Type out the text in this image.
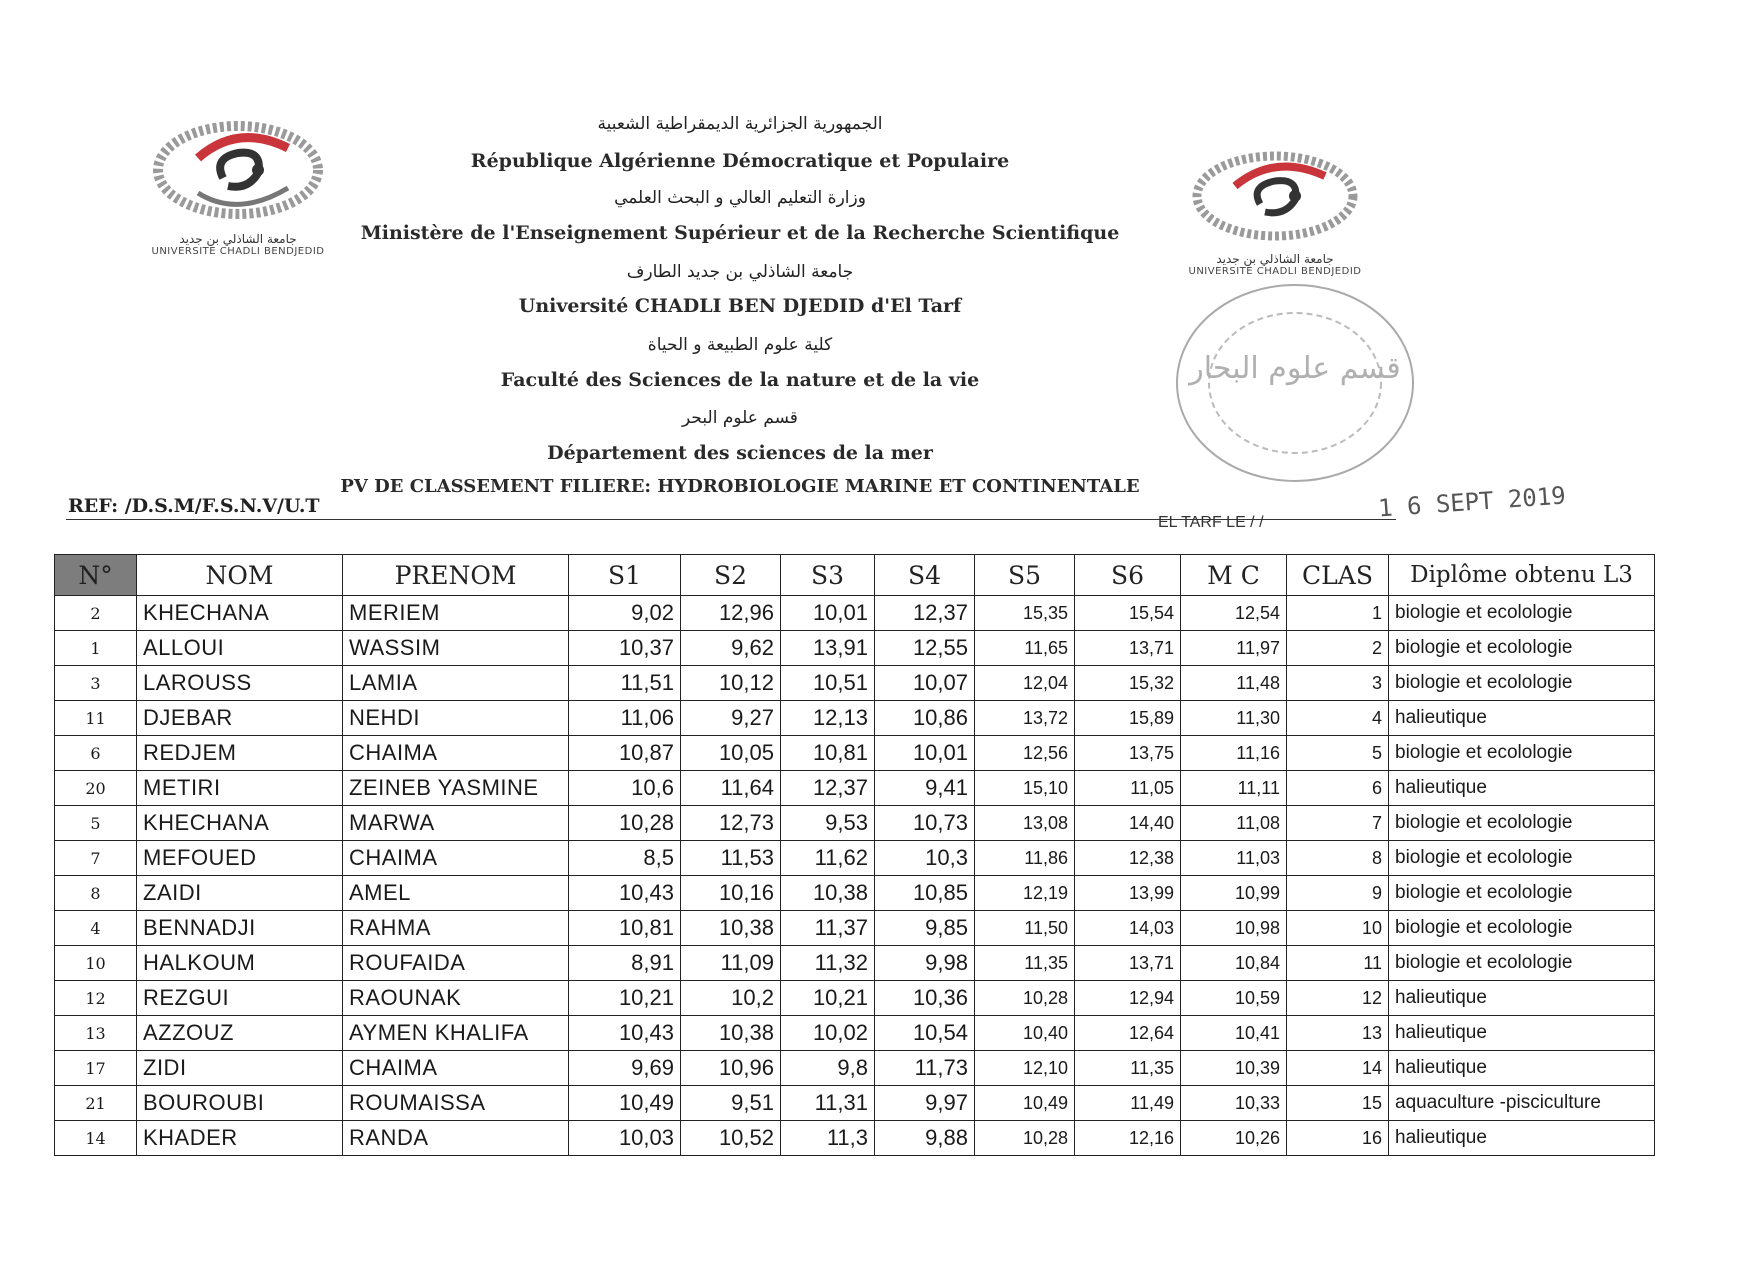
جامعة الشاذلي بن جديد
UNIVERSITE CHADLI BENDJEDID
جامعة الشاذلي بن جديد
UNIVERSITE CHADLI BENDJEDID
قسم علوم البحار
الجمهورية الجزائرية الديمقراطية الشعبية
République Algérienne Démocratique et Populaire
وزارة التعليم العالي و البحث العلمي
Ministère de l'Enseignement Supérieur et de la Recherche Scientifique
جامعة الشاذلي بن جديد الطارف
Université CHADLI BEN DJEDID d'El Tarf
كلية علوم الطبيعة و الحياة
Faculté des Sciences de la nature et de la vie
قسم علوم البحر
Département des sciences de la mer
PV DE CLASSEMENT FILIERE: HYDROBIOLOGIE MARINE ET CONTINENTALE
REF: /D.S.M/F.S.N.V/U.T
EL TARF LE / /	1 6 SEPT 2019
N°	NOM	PRENOM	S1	S2	S3	S4	S5	S6	M C	CLAS	Diplôme obtenu L3
2	KHECHANA	MERIEM	9,02	12,96	10,01	12,37	15,35	15,54	12,54	1	biologie et ecolologie
1	ALLOUI	WASSIM	10,37	9,62	13,91	12,55	11,65	13,71	11,97	2	biologie et ecolologie
3	LAROUSS	LAMIA	11,51	10,12	10,51	10,07	12,04	15,32	11,48	3	biologie et ecolologie
11	DJEBAR	NEHDI	11,06	9,27	12,13	10,86	13,72	15,89	11,30	4	halieutique
6	REDJEM	CHAIMA	10,87	10,05	10,81	10,01	12,56	13,75	11,16	5	biologie et ecolologie
20	METIRI	ZEINEB YASMINE	10,6	11,64	12,37	9,41	15,10	11,05	11,11	6	halieutique
5	KHECHANA	MARWA	10,28	12,73	9,53	10,73	13,08	14,40	11,08	7	biologie et ecolologie
7	MEFOUED	CHAIMA	8,5	11,53	11,62	10,3	11,86	12,38	11,03	8	biologie et ecolologie
8	ZAIDI	AMEL	10,43	10,16	10,38	10,85	12,19	13,99	10,99	9	biologie et ecolologie
4	BENNADJI	RAHMA	10,81	10,38	11,37	9,85	11,50	14,03	10,98	10	biologie et ecolologie
10	HALKOUM	ROUFAIDA	8,91	11,09	11,32	9,98	11,35	13,71	10,84	11	biologie et ecolologie
12	REZGUI	RAOUNAK	10,21	10,2	10,21	10,36	10,28	12,94	10,59	12	halieutique
13	AZZOUZ	AYMEN KHALIFA	10,43	10,38	10,02	10,54	10,40	12,64	10,41	13	halieutique
17	ZIDI	CHAIMA	9,69	10,96	9,8	11,73	12,10	11,35	10,39	14	halieutique
21	BOUROUBI	ROUMAISSA	10,49	9,51	11,31	9,97	10,49	11,49	10,33	15	aquaculture -pisciculture
14	KHADER	RANDA	10,03	10,52	11,3	9,88	10,28	12,16	10,26	16	halieutique
